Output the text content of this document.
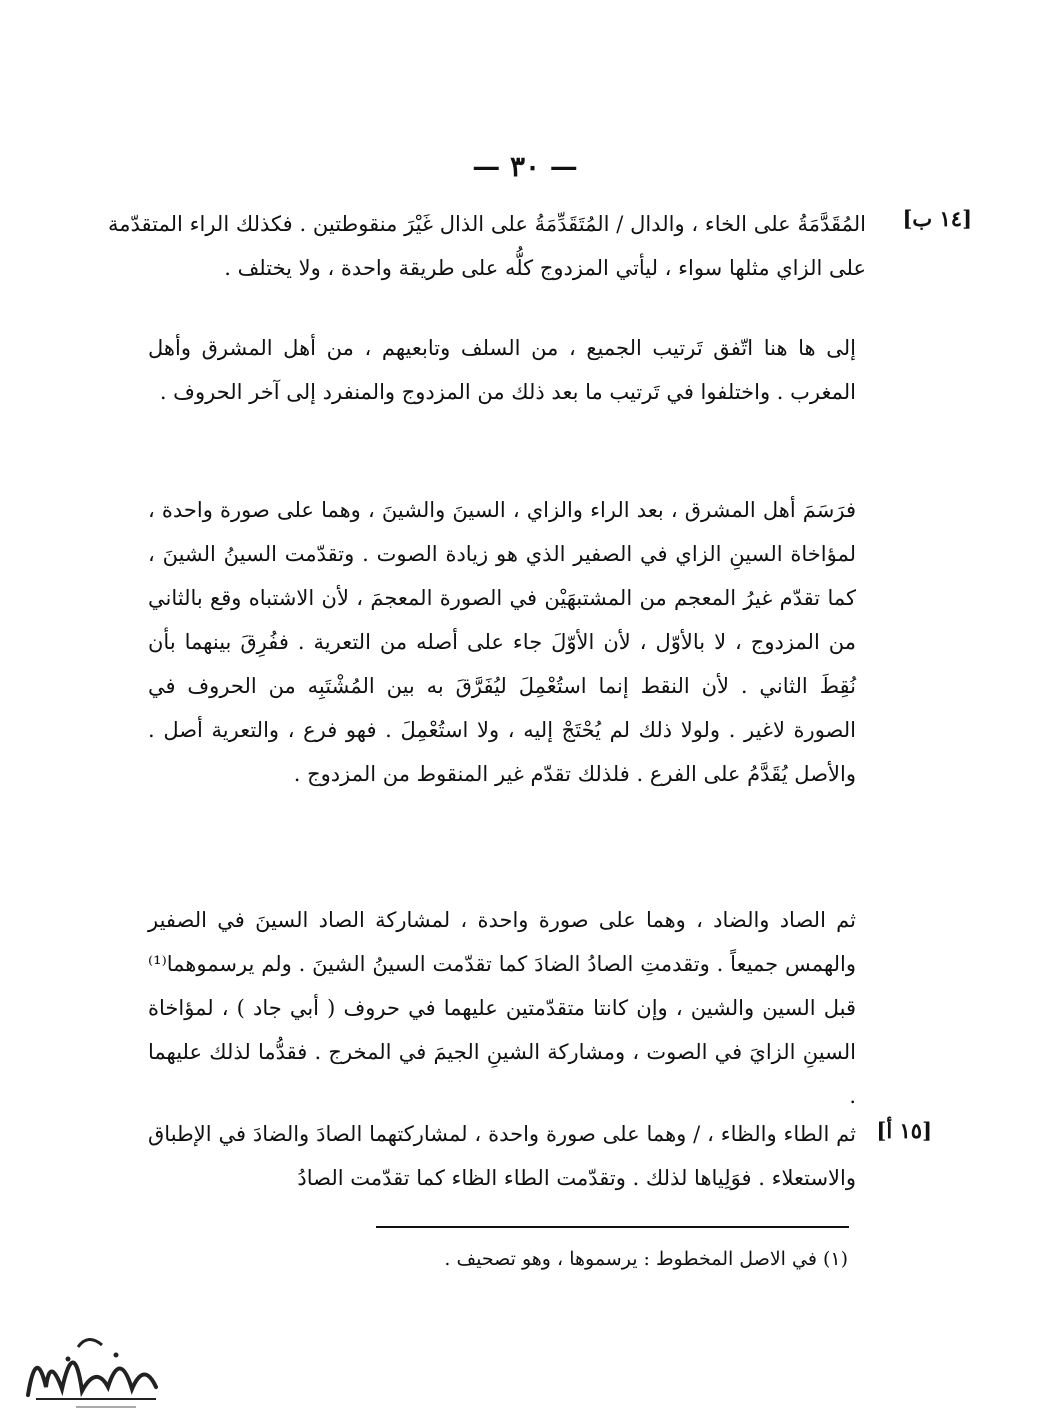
— ٣٠ —
[١٤ ب]
[١٥ أ]
المُقَدَّمَةُ على الخاء ، والدال / المُتَقَدِّمَةُ على الذال غَيْرَ منقوطتين . فكذلك الراء المتقدّمة على الزاي مثلها سواء ، ليأتي المزدوج كلُّه على طريقة واحدة ، ولا يختلف .
إلى ها هنا اتّفق تَرتيب الجميع ، من السلف وتابعيهم ، من أهل المشرق وأهل المغرب . واختلفوا في تَرتيب ما بعد ذلك من المزدوج والمنفرد إلى آخر الحروف .
فرَسَمَ أهل المشرق ، بعد الراء والزاي ، السينَ والشينَ ، وهما على صورة واحدة ، لمؤاخاة السينِ الزاي في الصفير الذي هو زيادة الصوت . وتقدّمت السينُ الشينَ ، كما تقدّم غيرُ المعجم من المشتبهَيْن في الصورة المعجمَ ، لأن الاشتباه وقع بالثاني من المزدوج ، لا بالأوّل ، لأن الأوّلَ جاء على أصله من التعرية . ففُرِقَ بينهما بأن نُقِطَ الثاني . لأن النقط إنما استُعْمِلَ ليُفَرَّقَ به بين المُشْتَبِه من الحروف في الصورة لاغير . ولولا ذلك لم يُحْتَجْ إليه ، ولا استُعْمِلَ . فهو فرع ، والتعرية أصل . والأصل يُقَدَّمُ على الفرع . فلذلك تقدّم غير المنقوط من المزدوج .
ثم الصاد والضاد ، وهما على صورة واحدة ، لمشاركة الصاد السينَ في الصفير والهمس جميعاً . وتقدمتِ الصادُ الضادَ كما تقدّمت السينُ الشينَ . ولم يرسموهما⁽¹⁾ قبل السين والشين ، وإن كانتا متقدّمتين عليهما في حروف ( أبي جاد ) ، لمؤاخاة السينِ الزايَ في الصوت ، ومشاركة الشينِ الجيمَ في المخرج . فقدُّما لذلك عليهما .
ثم الطاء والظاء ، / وهما على صورة واحدة ، لمشاركتهما الصادَ والضادَ في الإطباق والاستعلاء . فوَلِياها لذلك . وتقدّمت الطاء الظاء كما تقدّمت الصادُ
(١) في الاصل المخطوط : يرسموها ، وهو تصحيف .
